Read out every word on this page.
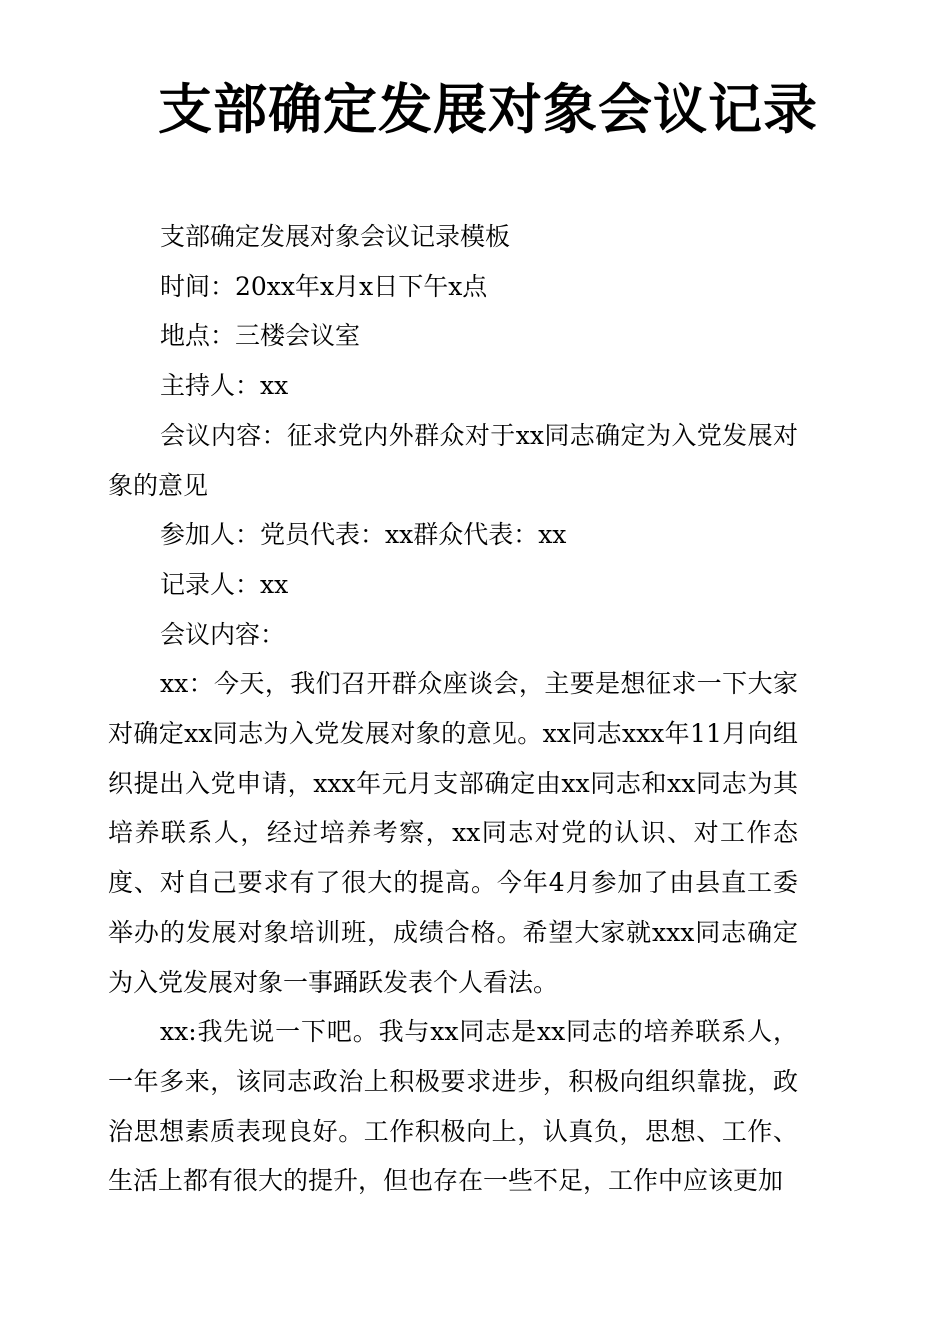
支部确定发展对象会议记录

支部确定发展对象会议记录模板

时间：20xx年x月x日下午x点

地点：三楼会议室

主持人：xx

会议内容：征求党内外群众对于xx同志确定为入党发展对象的意见

参加人：党员代表：xx群众代表：xx

记录人：xx

会议内容：

xx：今天，我们召开群众座谈会，主要是想征求一下大家对确定xx同志为入党发展对象的意见。xx同志xxx年11月向组织提出入党申请，xxx年元月支部确定由xx同志和xx同志为其培养联系人，经过培养考察，xx同志对党的认识、对工作态度、对自己要求有了很大的提高。今年4月参加了由县直工委举办的发展对象培训班，成绩合格。希望大家就xxx同志确定为入党发展对象一事踊跃发表个人看法。

xx:我先说一下吧。我与xx同志是xx同志的培养联系人，一年多来，该同志政治上积极要求进步，积极向组织靠拢，政治思想素质表现良好。工作积极向上，认真负，思想、工作、生活上都有很大的提升，但也存在一些不足，工作中应该更加
